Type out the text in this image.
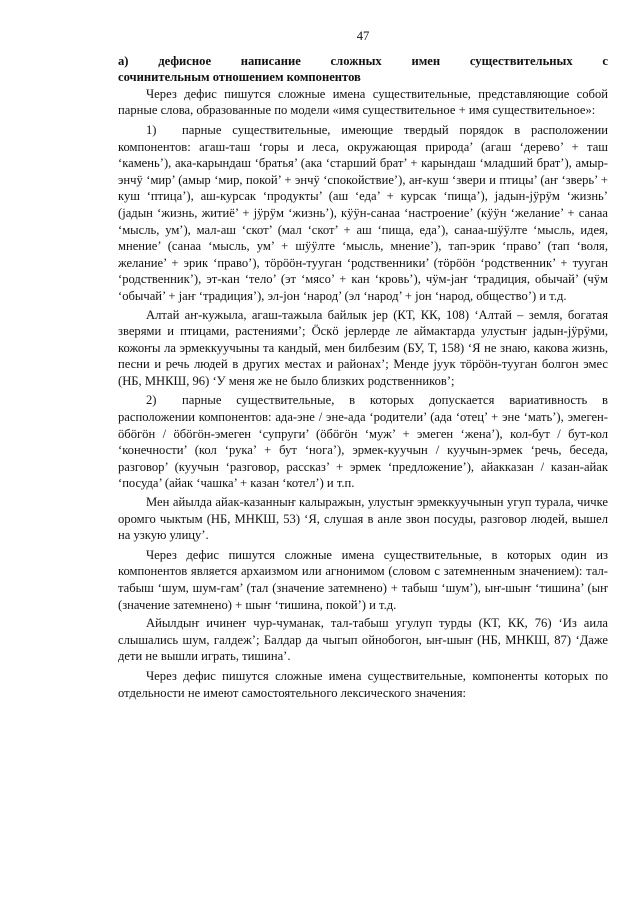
47
а) дефисное написание сложных имен существительных с
сочинительным отношением компонентов

Через дефис пишутся сложные имена существительные, представляющие собой парные слова, образованные по модели «имя существительное + имя существительное»:

1) парные существительные, имеющие твердый порядок в расположении компонентов: агаш-таш ‘горы и леса, окружающая природа’ (агаш ‘дерево’ + таш ‘камень’), ака-карындаш ‘братья’ (ака ‘старший брат’ + карындаш ‘младший брат’), амыр-энчӱ ‘мир’ (амыр ‘мир, покой’ + энчӱ ‘спокойствие’), аҥ-куш ‘звери и птицы’ (аҥ ‘зверь’ + куш ‘птица’), аш-курсак ‘продукты’ (аш ‘еда’ + курсак ‘пища’), јадын-јӱрӱм ‘жизнь’ (јадын ‘жизнь, житиё’ + јӱрӱм ‘жизнь’), кӱӱн-санаа ‘настроение’ (кӱӱн ‘желание’ + санаа ‘мысль, ум’), мал-аш ‘скот’ (мал ‘скот’ + аш ‘пища, еда’), санаа-шӱӱлте ‘мысль, идея, мнение’ (санаа ‘мысль, ум’ + шӱӱлте ‘мысль, мнение’), тап-эрик ‘право’ (тап ‘воля, желание’ + эрик ‘право’), тӧрӧӧн-тууган ‘родственники’ (тӧрӧӧн ‘родственник’ + тууган ‘родственник’), эт-кан ‘тело’ (эт ‘мясо’ + кан ‘кровь’), чӱм-јаҥ ‘традиция, обычай’ (чӱм ‘обычай’ + јаҥ ‘традиция’), эл-јон ‘народ’ (эл ‘народ’ + јон ‘народ, общество’) и т.д.

Алтай аҥ-кужыла, агаш-тажыла байлык јер (КТ, КК, 108) ‘Алтай – земля, богатая зверями и птицами, растениями’; Ӧскӧ јерлерде ле аймактарда улустыҥ јадын-јӱрӱми, кожоҥы ла эрмеккуучыны та кандый, мен билбезим (БУ, Т, 158) ‘Я не знаю, какова жизнь, песни и речь людей в других местах и районах’; Менде јуук тӧрӧӧн-тууган болгон эмес (НБ, МНКШ, 96) ‘У меня же не было близких родственников’;

2) парные существительные, в которых допускается вариативность в расположении компонентов: ада-эне / эне-ада ‘родители’ (ада ‘отец’ + эне ‘мать’), эмеген-ӧбӧгӧн / ӧбӧгӧн-эмеген ‘супруги’ (ӧбӧгӧн ‘муж’ + эмеген ‘жена’), кол-бут / бут-кол ‘конечности’ (кол ‘рука’ + бут ‘нога’), эрмек-куучын / куучын-эрмек ‘речь, беседа, разговор’ (куучын ‘разговор, рассказ’ + эрмек ‘предложение’), айакказан / казан-айак ‘посуда’ (айак ‘чашка’ + казан ‘котел’) и т.п.

Мен айылда айак-казанныҥ калыражын, улустыҥ эрмеккуучынын угуп турала, чичке оромго чыктым (НБ, МНКШ, 53) ‘Я, слушая в анле звон посуды, разговор людей, вышел на узкую улицу’.

Через дефис пишутся сложные имена существительные, в которых один из компонентов является архаизмом или агнонимом (словом с затемненным значением): тал-табыш ‘шум, шум-гам’ (тал (значение затемнено) + табыш ‘шум’), ыҥ-шыҥ ‘тишина’ (ыҥ (значение затемнено) + шыҥ ‘тишина, покой’) и т.д.

Айылдыҥ ичинеҥ чур-чуманак, тал-табыш угулуп турды (КТ, КК, 76) ‘Из аила слышались шум, галдеж’; Балдар да чыгып ойнобогон, ыҥ-шыҥ (НБ, МНКШ, 87) ‘Даже дети не вышли играть, тишина’.

Через дефис пишутся сложные имена существительные, компоненты которых по отдельности не имеют самостоятельного лексического значения:
